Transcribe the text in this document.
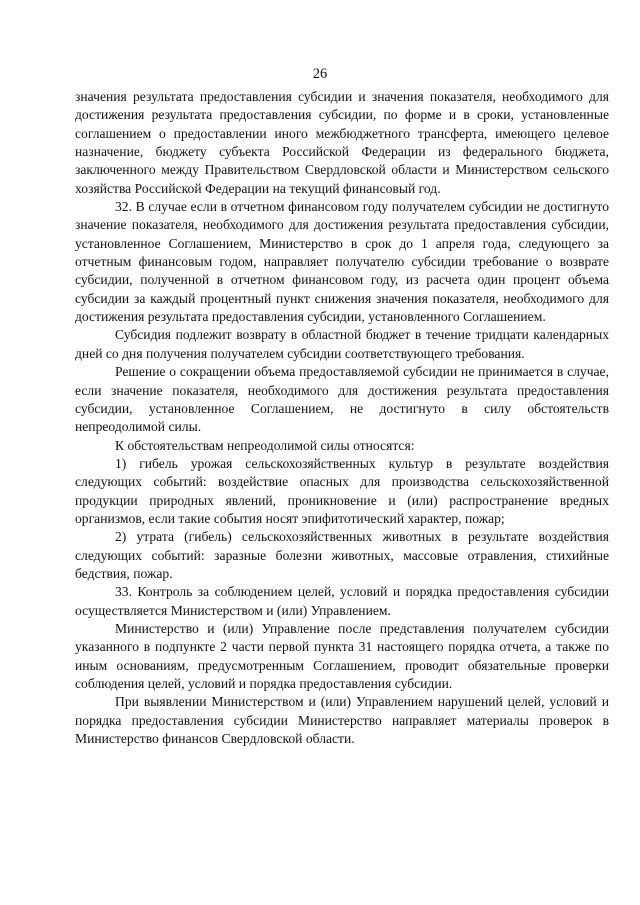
26

значения результата предоставления субсидии и значения показателя, необходимого для достижения результата предоставления субсидии, по форме и в сроки, установленные соглашением о предоставлении иного межбюджетного трансферта, имеющего целевое назначение, бюджету субъекта Российской Федерации из федерального бюджета, заключенного между Правительством Свердловской области и Министерством сельского хозяйства Российской Федерации на текущий финансовый год.

32. В случае если в отчетном финансовом году получателем субсидии не достигнуто значение показателя, необходимого для достижения результата предоставления субсидии, установленное Соглашением, Министерство в срок до 1 апреля года, следующего за отчетным финансовым годом, направляет получателю субсидии требование о возврате субсидии, полученной в отчетном финансовом году, из расчета один процент объема субсидии за каждый процентный пункт снижения значения показателя, необходимого для достижения результата предоставления субсидии, установленного Соглашением.

Субсидия подлежит возврату в областной бюджет в течение тридцати календарных дней со дня получения получателем субсидии соответствующего требования.

Решение о сокращении объема предоставляемой субсидии не принимается в случае, если значение показателя, необходимого для достижения результата предоставления субсидии, установленное Соглашением, не достигнуто в силу обстоятельств непреодолимой силы.

К обстоятельствам непреодолимой силы относятся:

1) гибель урожая сельскохозяйственных культур в результате воздействия следующих событий: воздействие опасных для производства сельскохозяйственной продукции природных явлений, проникновение и (или) распространение вредных организмов, если такие события носят эпифитотический характер, пожар;

2) утрата (гибель) сельскохозяйственных животных в результате воздействия следующих событий: заразные болезни животных, массовые отравления, стихийные бедствия, пожар.

33. Контроль за соблюдением целей, условий и порядка предоставления субсидии осуществляется Министерством и (или) Управлением.

Министерство и (или) Управление после представления получателем субсидии указанного в подпункте 2 части первой пункта 31 настоящего порядка отчета, а также по иным основаниям, предусмотренным Соглашением, проводит обязательные проверки соблюдения целей, условий и порядка предоставления субсидии.

При выявлении Министерством и (или) Управлением нарушений целей, условий и порядка предоставления субсидии Министерство направляет материалы проверок в Министерство финансов Свердловской области.
